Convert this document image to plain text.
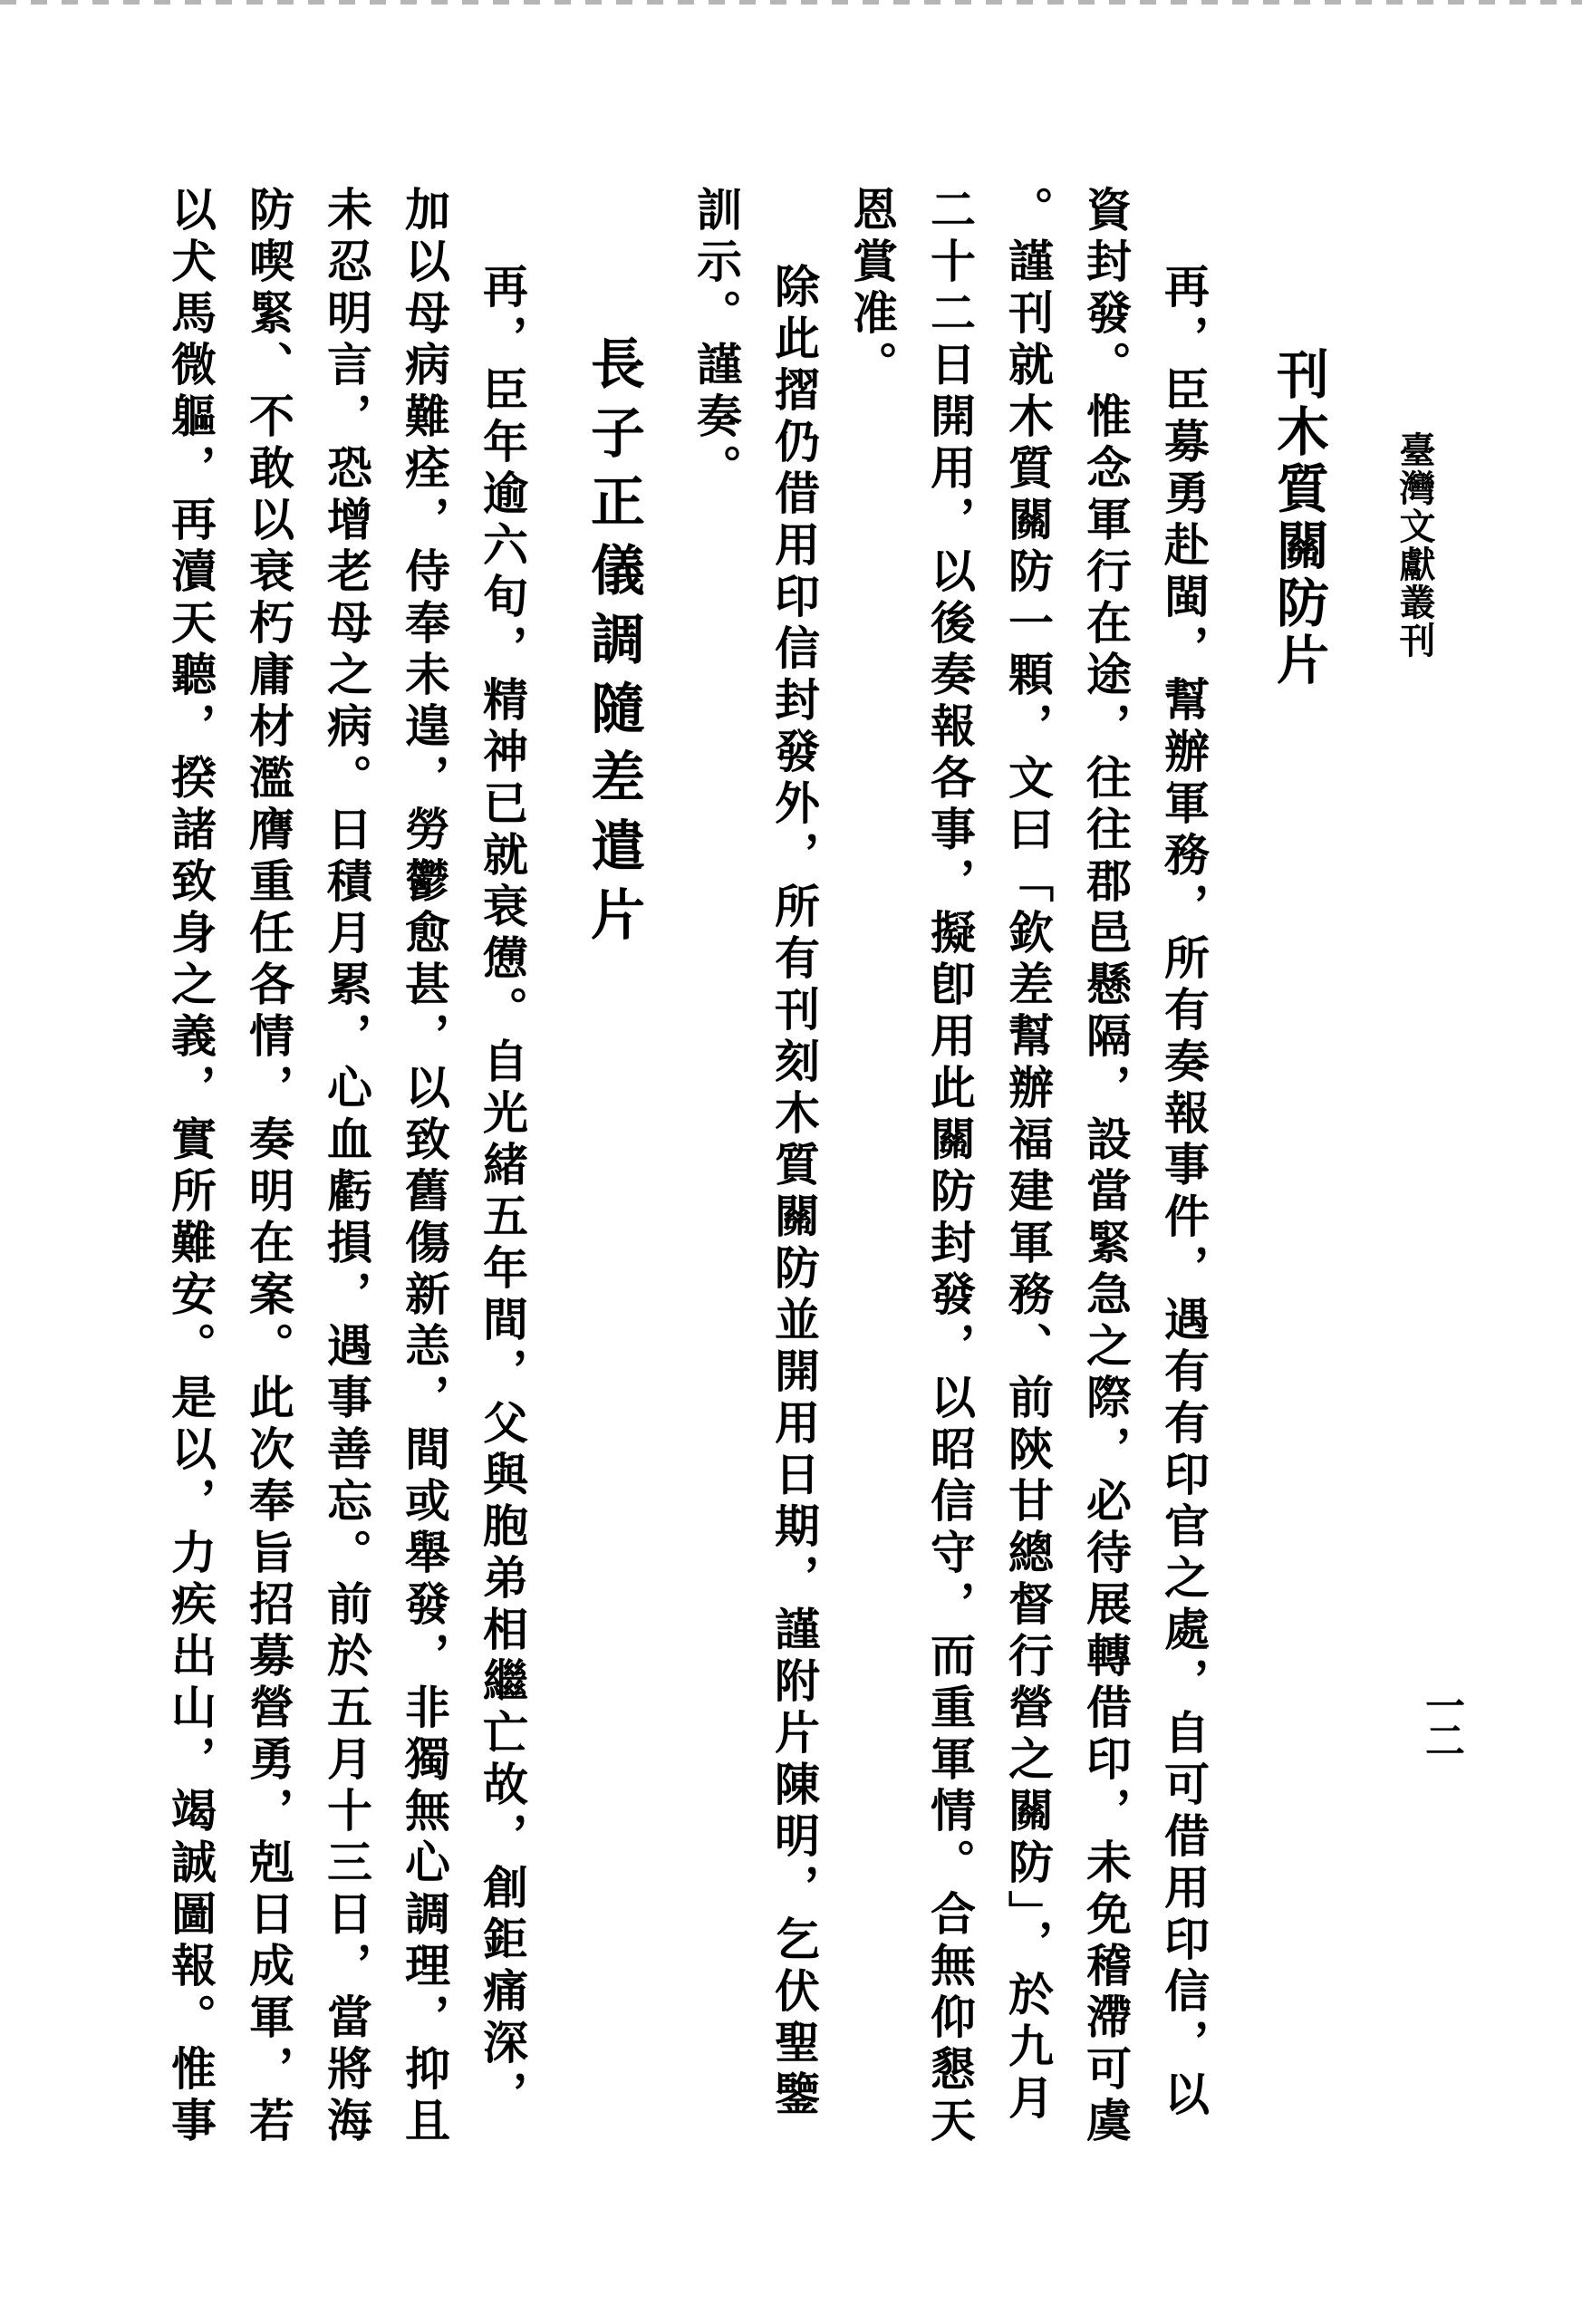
臺灣文獻叢刊
一二
刊木質關防片
再，臣募勇赴閩，幫辦軍務，所有奏報事件，遇有有印官之處，自可借用印信，以
資封發。惟念軍行在途，往往郡邑懸隔，設當緊急之際，必待展轉借印，未免稽滯可虞
。謹刊就木質關防一顆，文曰「欽差幫辦福建軍務、前陝甘總督行營之關防」，於九月
二十二日開用，以後奏報各事，擬卽用此關防封發，以昭信守，而重軍情。合無仰懇天
恩賞准。
除此摺仍借用印信封發外，所有刊刻木質關防並開用日期，謹附片陳明，乞伏聖鑒
訓示。謹奏。
長子正儀調隨差遣片
再，臣年逾六旬，精神已就衰憊。自光緒五年間，父與胞弟相繼亡故，創鉅痛深，
加以母病難痊，侍奉未遑，勞鬱愈甚，以致舊傷新恙，間或舉發，非獨無心調理，抑且
未忍明言，恐增老母之病。日積月累，心血虧損，遇事善忘。前於五月十三日，當將海
防喫緊、不敢以衰朽庸材濫膺重任各情，奏明在案。此次奉旨招募營勇，剋日成軍，若
以犬馬微軀，再瀆天聽，揆諸致身之義，實所難安。是以，力疾出山，竭誠圖報。惟事
